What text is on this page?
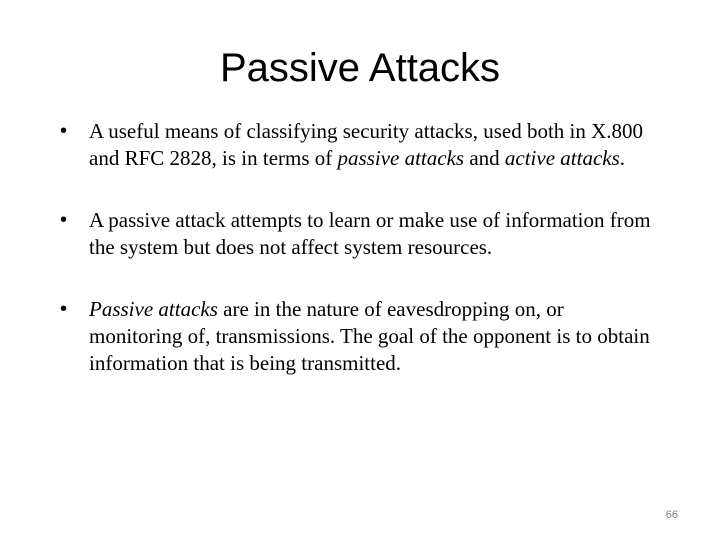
Passive Attacks
•	A useful means of classifying security attacks, used both in X.800 and RFC 2828, is in terms of passive attacks and active attacks.
•	A passive attack attempts to learn or make use of information from the system but does not affect system resources.
•	Passive attacks are in the nature of eavesdropping on, or monitoring of, transmissions. The goal of the opponent is to obtain information that is being transmitted.
66
